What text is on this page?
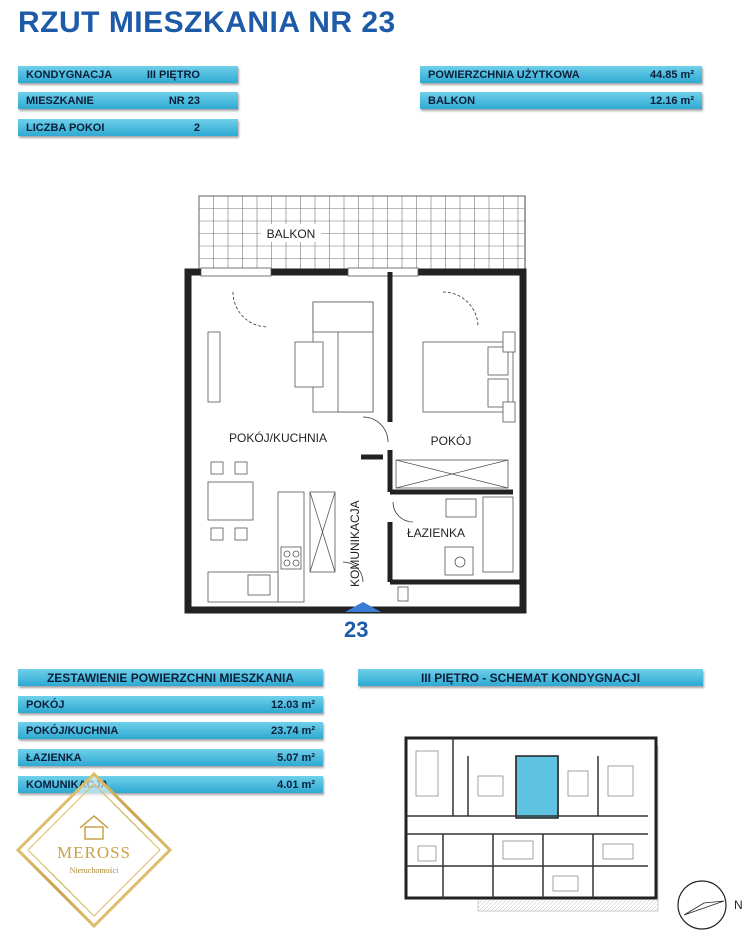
RZUT MIESZKANIA NR 23
KONDYGNACJA	III PIĘTRO
MIESZKANIE	NR 23
LICZBA POKOI	2
POWIERZCHNIA UŻYTKOWA	44.85 m²
BALKON	12.16 m²
BALKON
POKÓJ/KUCHNIA	POKÓJ
ŁAZIENKA
KOMUNIKACJA
23
ZESTAWIENIE POWIERZCHNI MIESZKANIA
POKÓJ	12.03 m²
POKÓJ/KUCHNIA	23.74 m²
ŁAZIENKA	5.07 m²
KOMUNIKACJA	4.01 m²
III PIĘTRO - SCHEMAT KONDYGNACJI
MEROSS
Nieruchomości
N
